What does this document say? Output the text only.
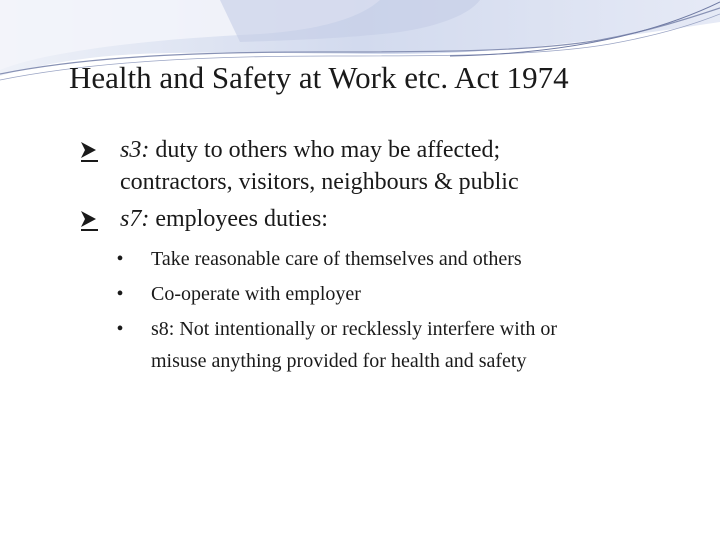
Health and Safety at Work etc. Act 1974
s3: duty to others who may be affected;
contractors, visitors, neighbours & public
s7: employees duties:
• Take reasonable care of themselves and others
• Co-operate with employer
• s8: Not intentionally or recklessly interfere with or
misuse anything provided for health and safety
